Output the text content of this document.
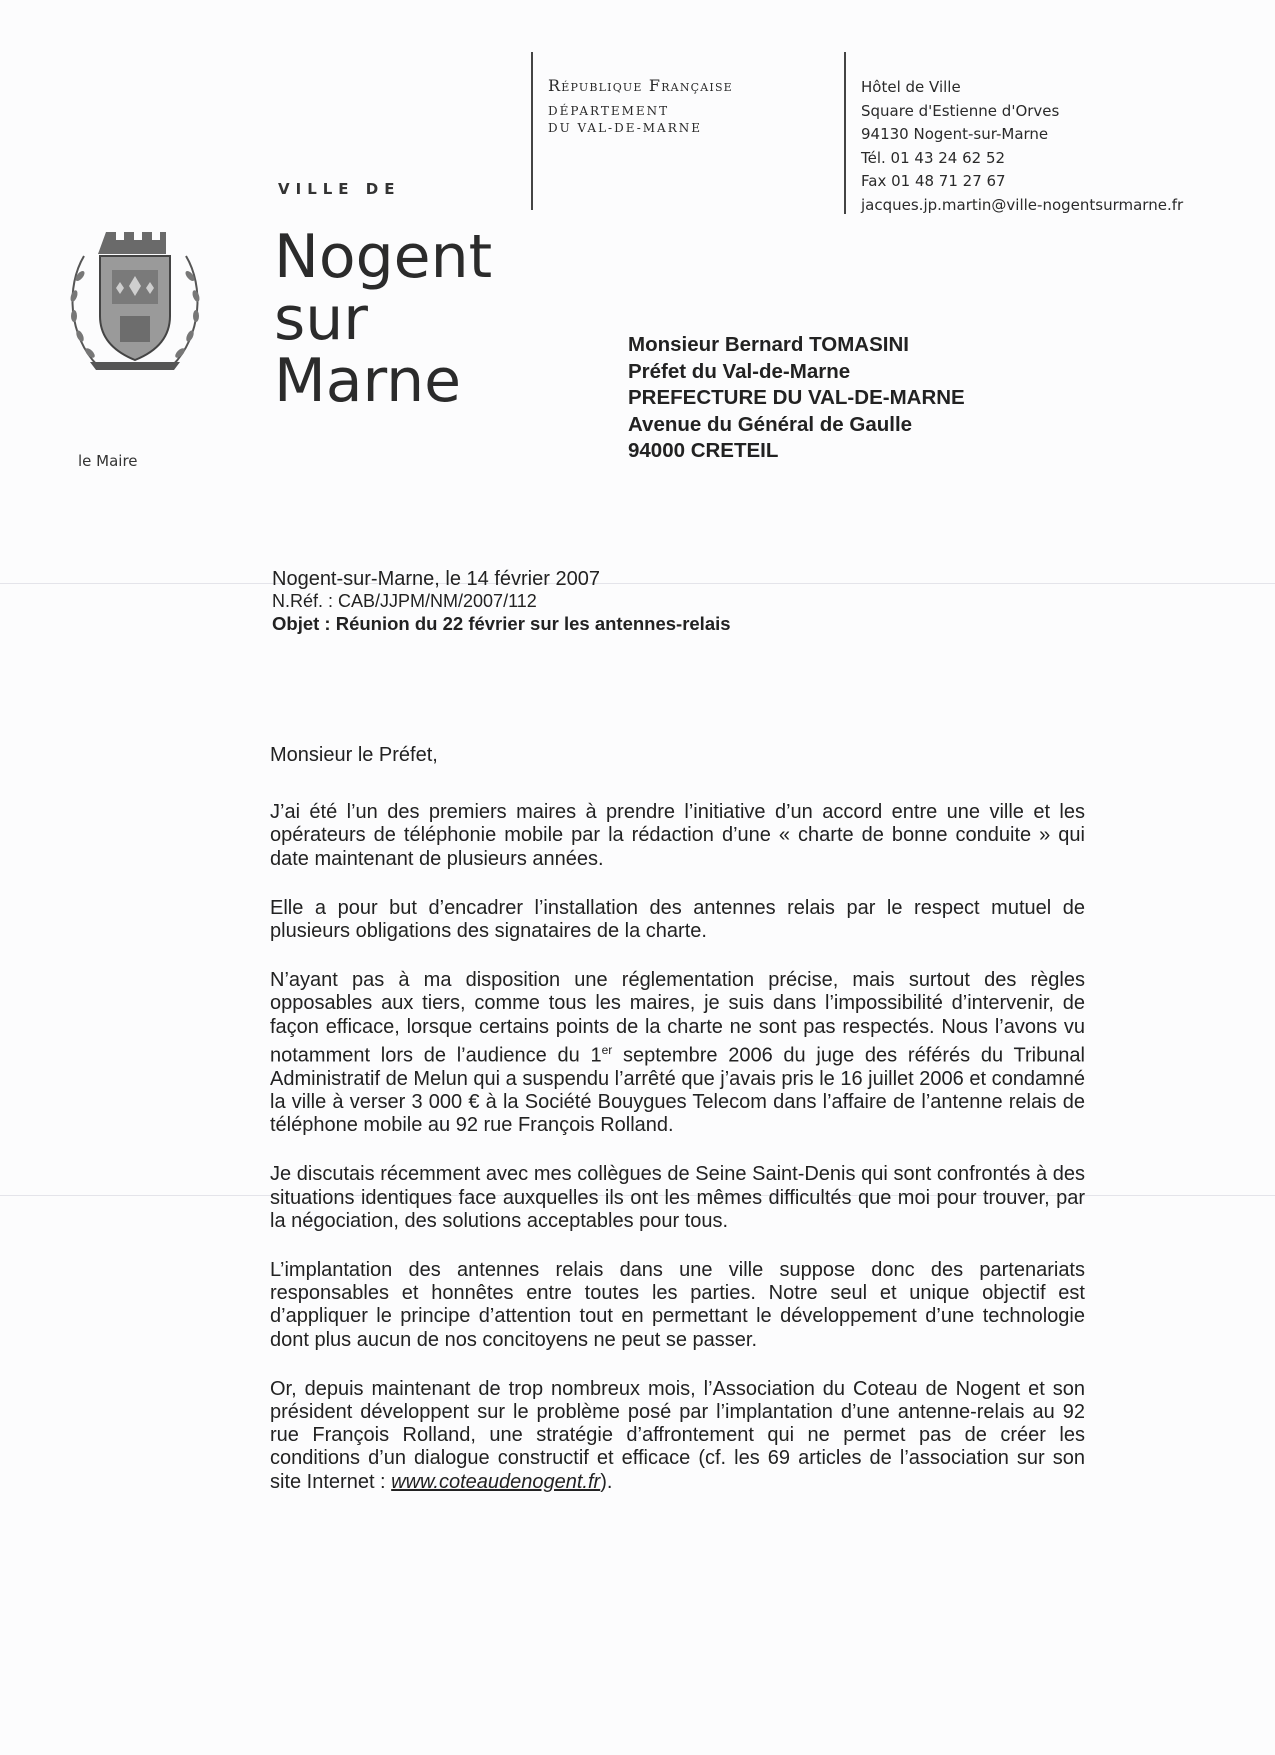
République Française
DÉPARTEMENT
DU VAL-DE-MARNE
Hôtel de Ville
Square d'Estienne d'Orves
94130 Nogent-sur-Marne
Tél. 01 43 24 62 52
Fax 01 48 71 27 67
jacques.jp.martin@ville-nogentsurmarne.fr
VILLE DE
Nogent
sur
Marne
le Maire
Monsieur Bernard TOMASINI
Préfet du Val-de-Marne
PREFECTURE DU VAL-DE-MARNE
Avenue du Général de Gaulle
94000 CRETEIL
Nogent-sur-Marne, le 14 février 2007
N.Réf. : CAB/JJPM/NM/2007/112
Objet : Réunion du 22 février sur les antennes-relais

Monsieur le Préfet,

J’ai été l’un des premiers maires à prendre l’initiative d’un accord entre une ville et les opérateurs de téléphonie mobile par la rédaction d’une « charte de bonne conduite » qui date maintenant de plusieurs années.

Elle a pour but d’encadrer l’installation des antennes relais par le respect mutuel de plusieurs obligations des signataires de la charte.

N’ayant pas à ma disposition une réglementation précise, mais surtout des règles opposables aux tiers, comme tous les maires, je suis dans l’impossibilité d’intervenir, de façon efficace, lorsque certains points de la charte ne sont pas respectés. Nous l’avons vu notamment lors de l’audience du 1er septembre 2006 du juge des référés du Tribunal Administratif de Melun qui a suspendu l’arrêté que j’avais pris le 16 juillet 2006 et condamné la ville à verser 3 000 € à la Société Bouygues Telecom dans l’affaire de l’antenne relais de téléphone mobile au 92 rue François Rolland.

Je discutais récemment avec mes collègues de Seine Saint-Denis qui sont confrontés à des situations identiques face auxquelles ils ont les mêmes difficultés que moi pour trouver, par la négociation, des solutions acceptables pour tous.

L’implantation des antennes relais dans une ville suppose donc des partenariats responsables et honnêtes entre toutes les parties. Notre seul et unique objectif est d’appliquer le principe d’attention tout en permettant le développement d’une technologie dont plus aucun de nos concitoyens ne peut se passer.

Or, depuis maintenant de trop nombreux mois, l’Association du Coteau de Nogent et son président développent sur le problème posé par l’implantation d’une antenne-relais au 92 rue François Rolland, une stratégie d’affrontement qui ne permet pas de créer les conditions d’un dialogue constructif et efficace (cf. les 69 articles de l’association sur son site Internet : www.coteaudenogent.fr).
